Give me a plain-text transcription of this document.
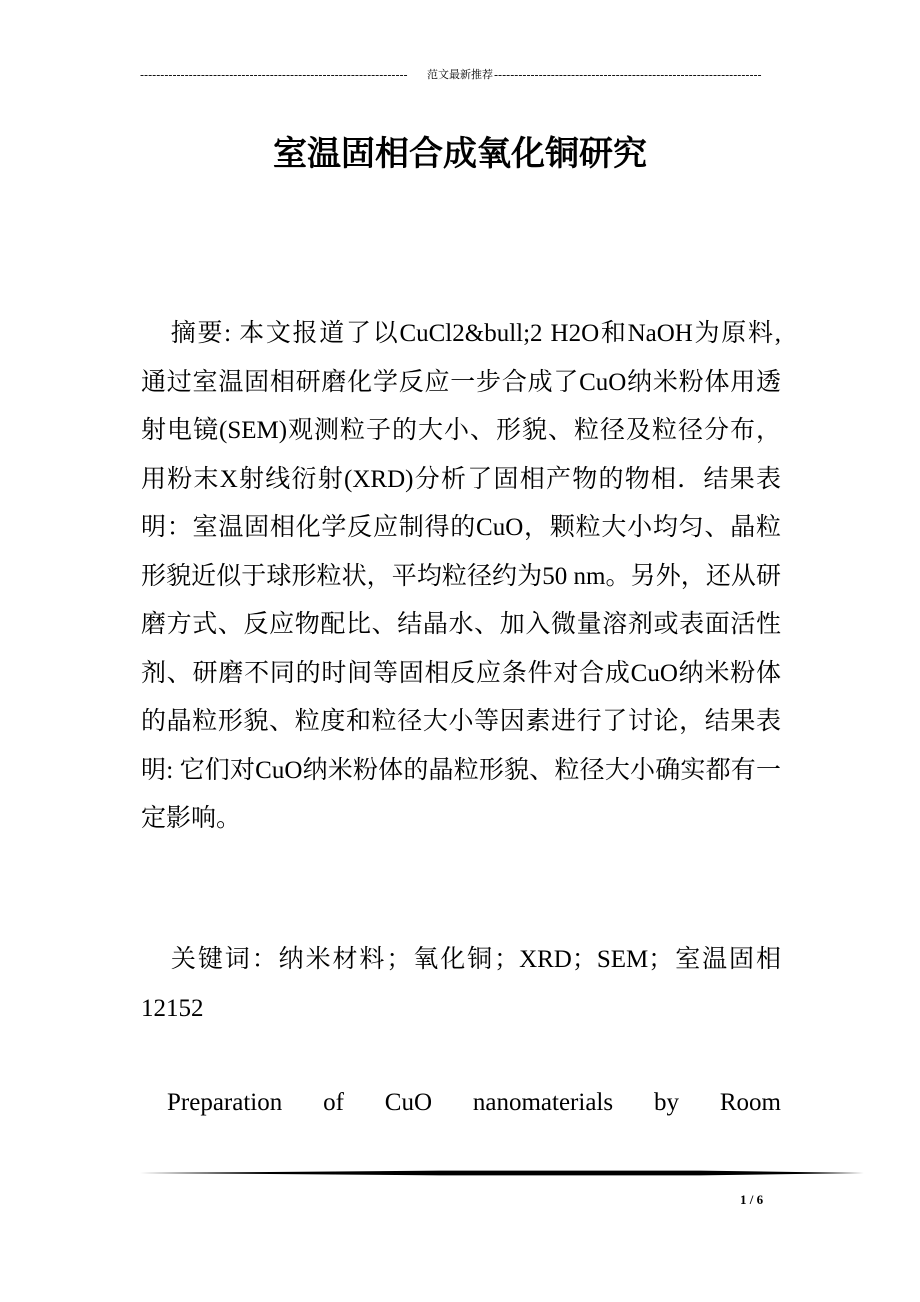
------------------------------------------------------------------	范文最新推荐 ------------------------------------------------------------------
室温固相合成氧化铜研究
摘要: 本文报道了以CuCl2&bull;2 H2O和NaOH为原料, 通过室温固相研磨化学反应一步合成了CuO纳米粉体用透射电镜(SEM)观测粒子的大小、形貌、粒径及粒径分布，用粉末X射线衍射(XRD)分析了固相产物的物相．结果表明：室温固相化学反应制得的CuO，颗粒大小均匀、晶粒形貌近似于球形粒状，平均粒径约为50 nm。另外，还从研磨方式、反应物配比、结晶水、加入微量溶剂或表面活性剂、研磨不同的时间等固相反应条件对合成CuO纳米粉体的晶粒形貌、粒度和粒径大小等因素进行了讨论，结果表明: 它们对CuO纳米粉体的晶粒形貌、粒径大小确实都有一定影响。
关键词：纳米材料；氧化铜；XRD；SEM；室温固相 12152
Preparation of CuO nanomaterials by Room
1 / 6
